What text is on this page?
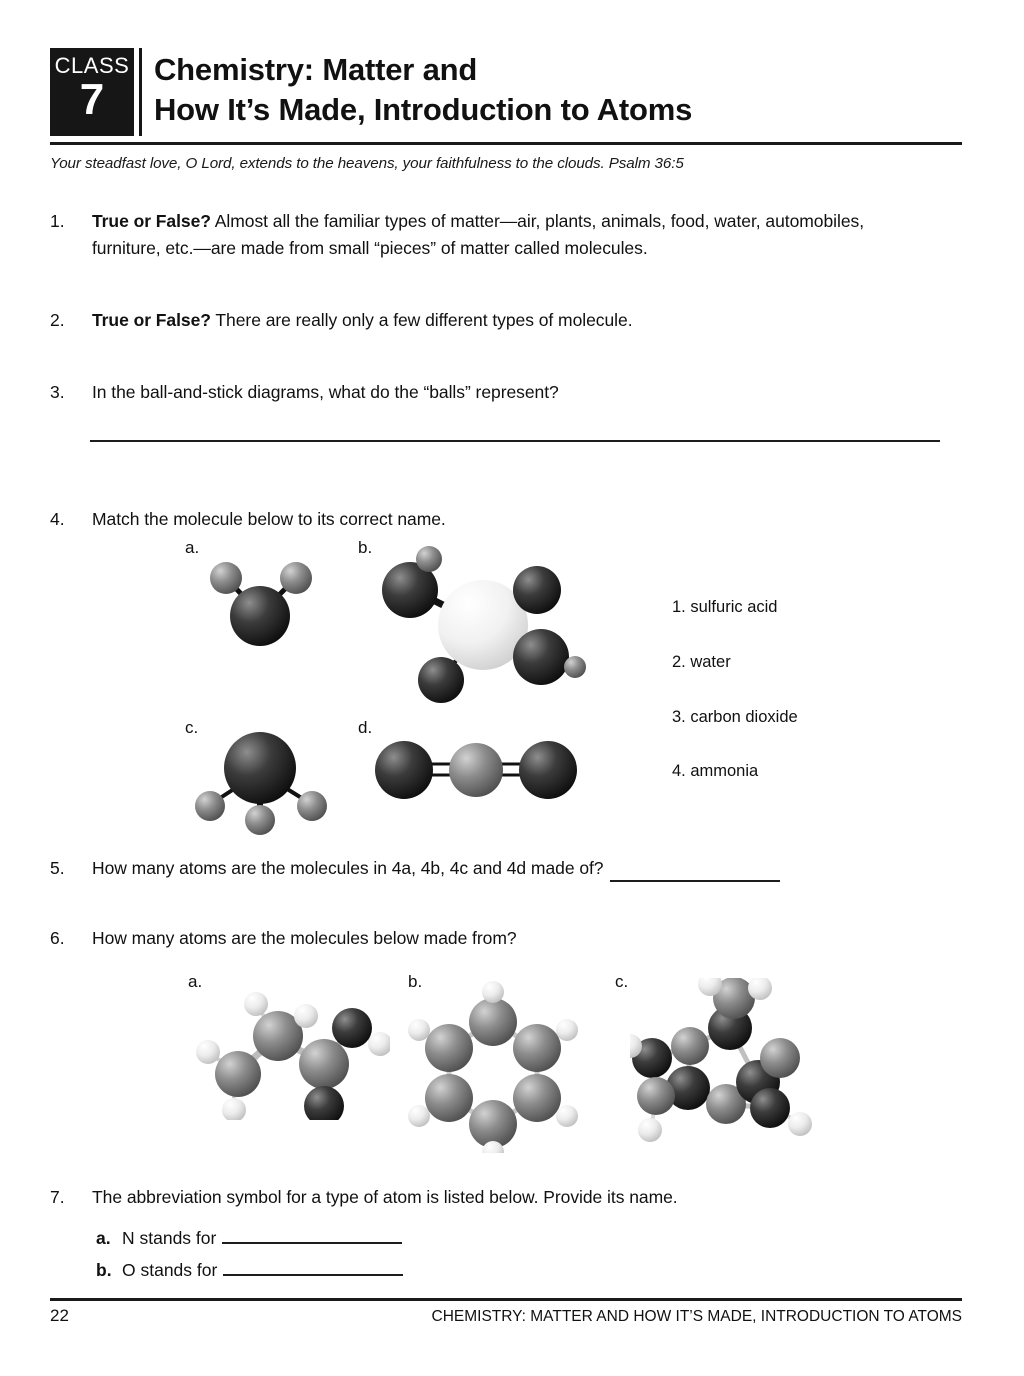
CLASS
7
Chemistry: Matter and
How It’s Made, Introduction to Atoms
Your steadfast love, O Lord, extends to the heavens, your faithfulness to the clouds. Psalm 36:5
1.	True or False? Almost all the familiar types of matter—air, plants, animals, food, water, automobiles, furniture, etc.—are made from small “pieces” of matter called molecules.
2.	True or False? There are really only a few different types of molecule.
3.	In the ball-and-stick diagrams, what do the “balls” represent?
4.	Match the molecule below to its correct name.
a.	b.
c.	d.
1. sulfuric acid
2. water
3. carbon dioxide
4. ammonia
5.	How many atoms are the molecules in 4a, 4b, 4c and 4d made of?
6.	How many atoms are the molecules below made from?
a.	b.	c.
7.	The abbreviation symbol for a type of atom is listed below. Provide its name.
a. N stands for
b. O stands for
22	CHEMISTRY: MATTER AND HOW IT’S MADE, INTRODUCTION TO ATOMS
